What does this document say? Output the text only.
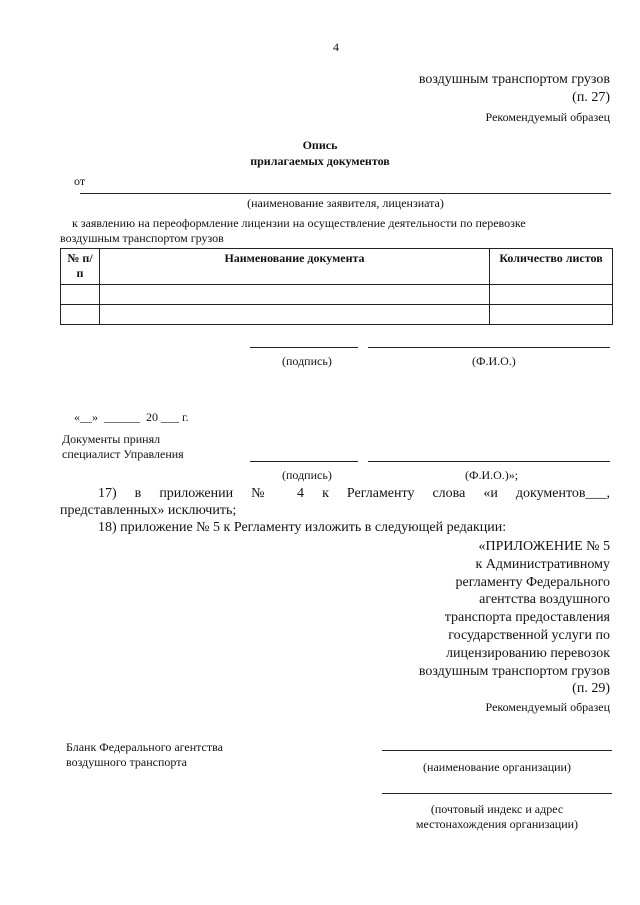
4
воздушным транспортом грузов
(п. 27)
Рекомендуемый образец
Опись
прилагаемых документов
от
(наименование заявителя, лицензиата)
к заявлению на переоформление лицензии на осуществление деятельности по перевозке
воздушным транспортом грузов
№ п/п	Наименование документа	Количество листов

(подпись)	(Ф.И.О.)
«__»  ______  20 ___ г.
Документы принял
специалист Управления
(подпись)	(Ф.И.О.)»;
17) в приложении № 4 к Регламенту слова «и документов___,
представленных» исключить;
18) приложение № 5 к Регламенту изложить в следующей редакции:
«ПРИЛОЖЕНИЕ № 5
к Административному
регламенту Федерального
агентства воздушного
транспорта предоставления
государственной услуги по
лицензированию перевозок
воздушным транспортом грузов
(п. 29)
Рекомендуемый образец
Бланк Федерального агентства
воздушного транспорта	(наименование организации)
(почтовый индекс и адрес
местонахождения организации)
